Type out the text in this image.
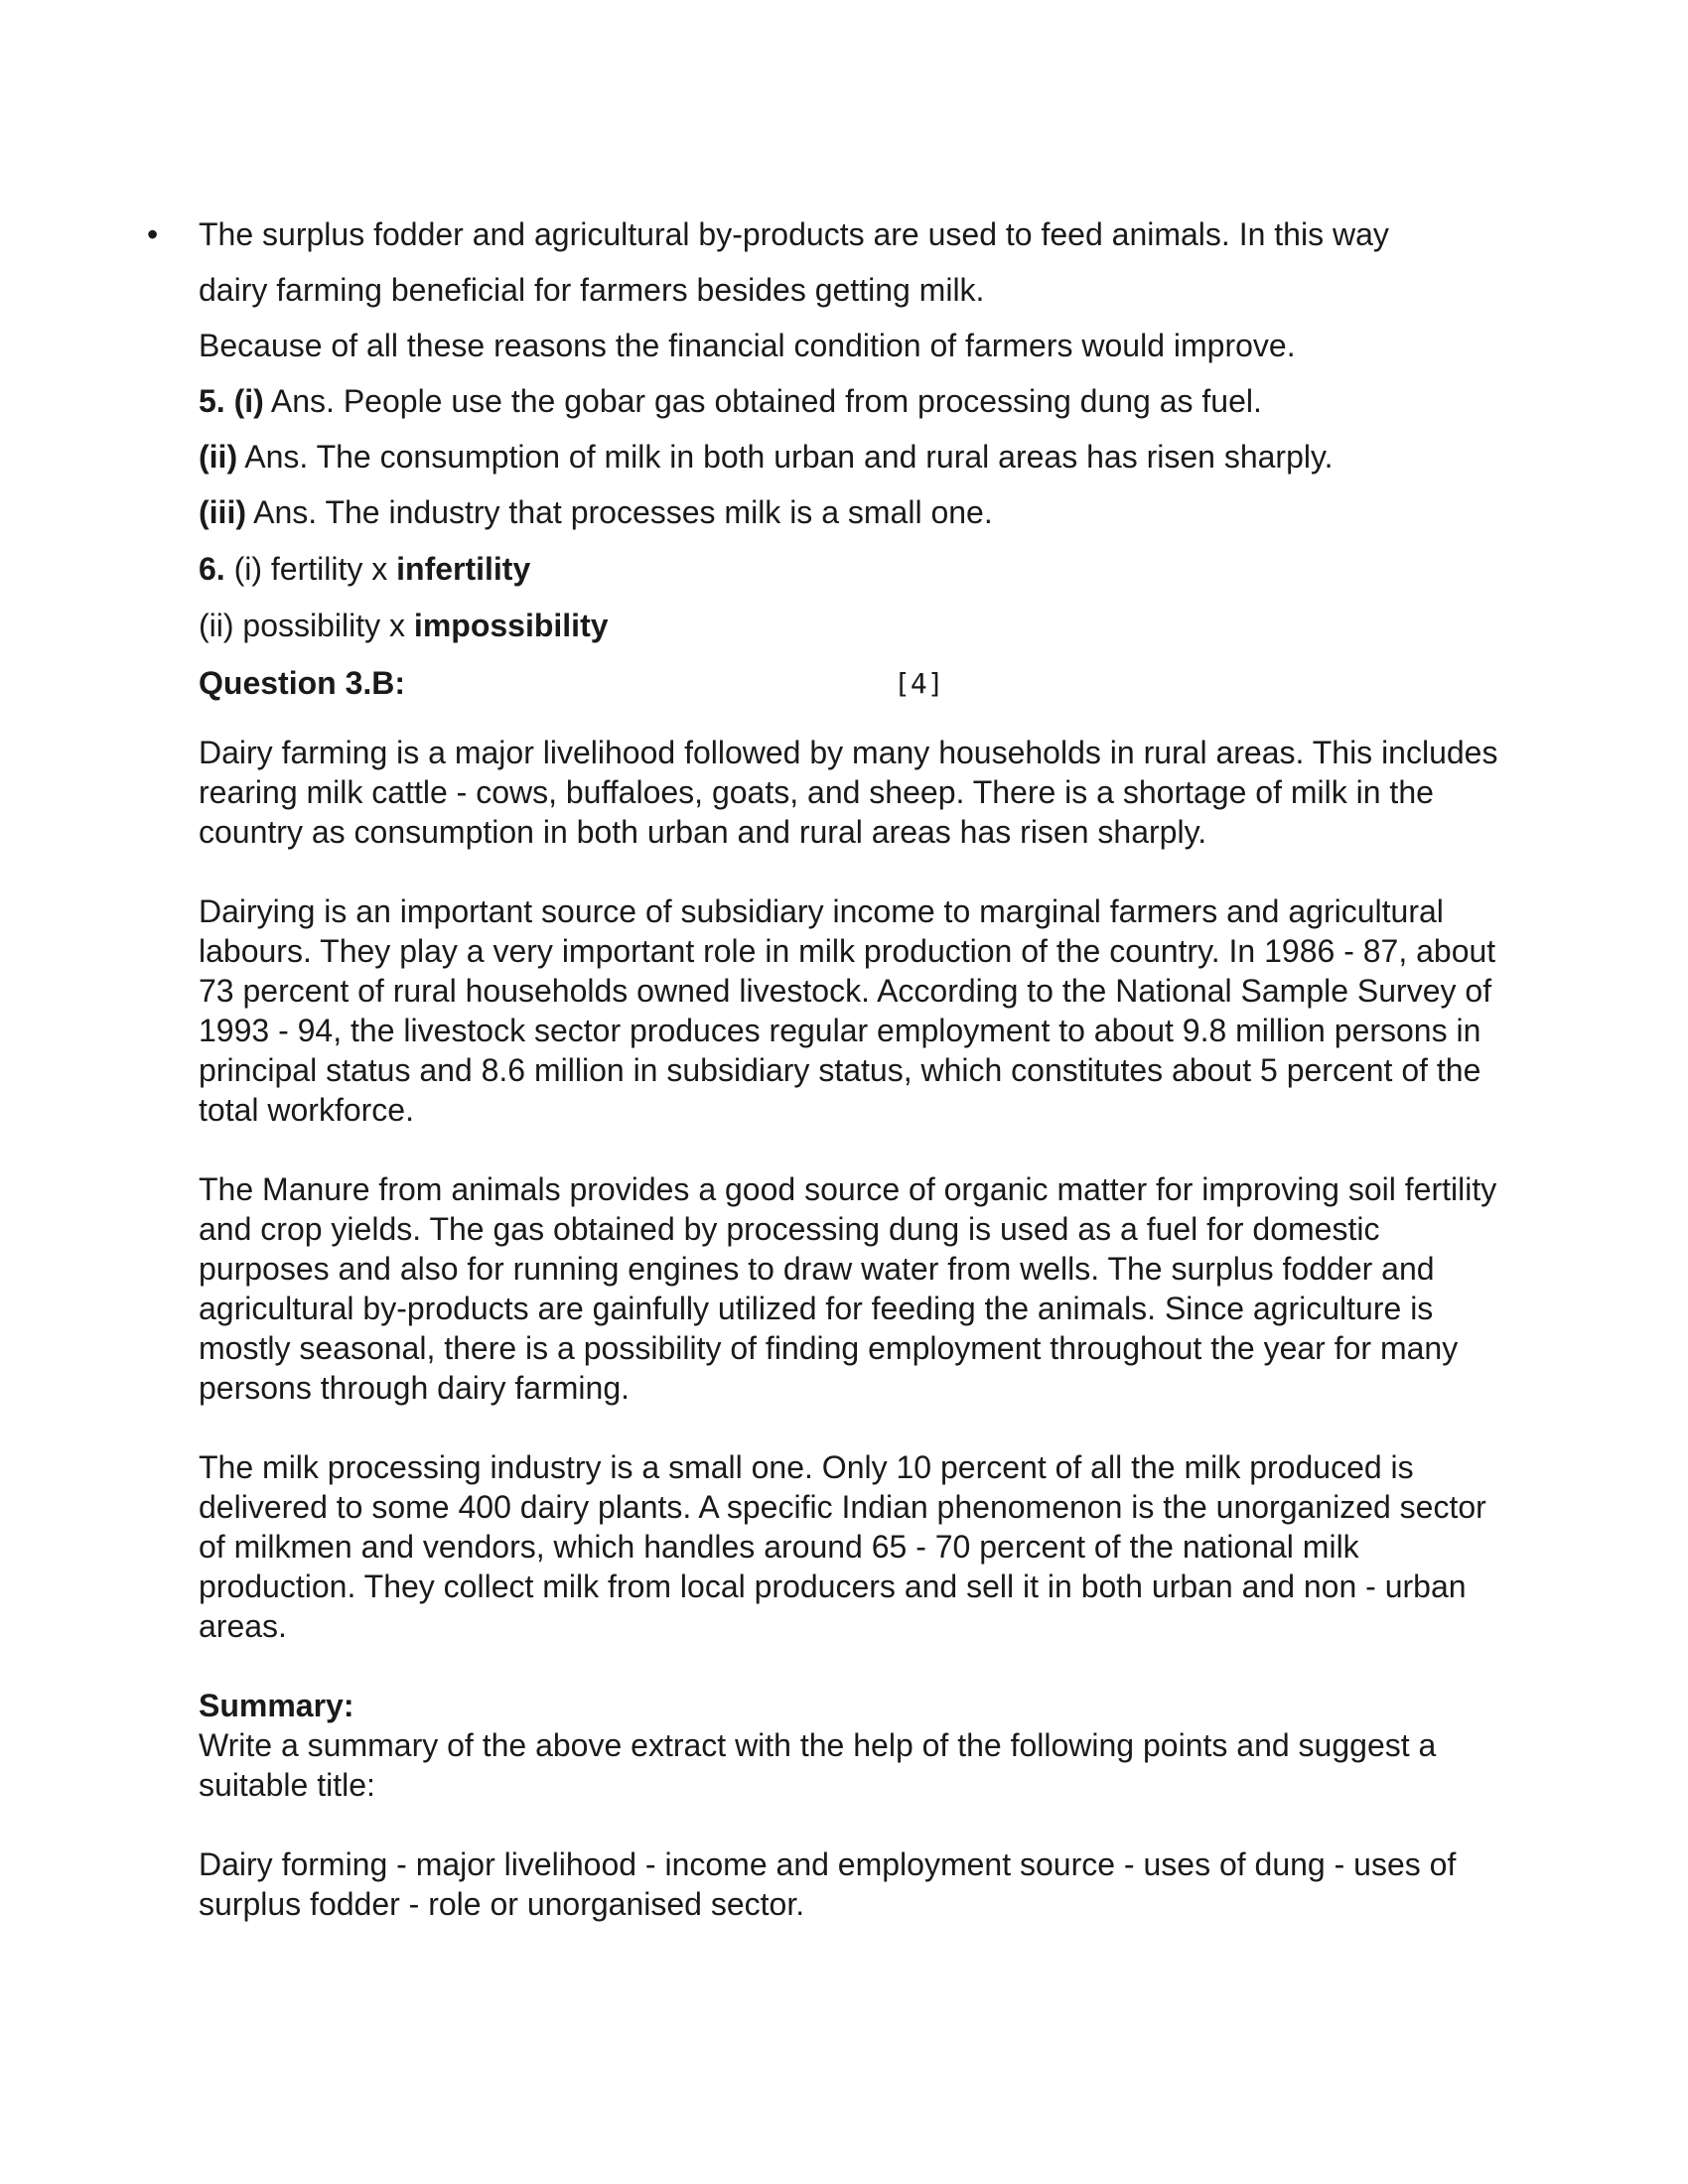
• The surplus fodder and agricultural by-products are used to feed animals. In this way
dairy farming beneficial for farmers besides getting milk.
Because of all these reasons the financial condition of farmers would improve.
5. (i) Ans. People use the gobar gas obtained from processing dung as fuel.
(ii) Ans. The consumption of milk in both urban and rural areas has risen sharply.
(iii) Ans. The industry that processes milk is a small one.
6. (i) fertility x infertility
(ii) possibility x impossibility
Question 3.B:	[4]
Dairy farming is a major livelihood followed by many households in rural areas. This includes rearing milk cattle - cows, buffaloes, goats, and sheep. There is a shortage of milk in the country as consumption in both urban and rural areas has risen sharply.
Dairying is an important source of subsidiary income to marginal farmers and agricultural labours. They play a very important role in milk production of the country. In 1986 - 87, about 73 percent of rural households owned livestock. According to the National Sample Survey of 1993 - 94, the livestock sector produces regular employment to about 9.8 million persons in principal status and 8.6 million in subsidiary status, which constitutes about 5 percent of the total workforce.
The Manure from animals provides a good source of organic matter for improving soil fertility and crop yields. The gas obtained by processing dung is used as a fuel for domestic purposes and also for running engines to draw water from wells. The surplus fodder and agricultural by-products are gainfully utilized for feeding the animals. Since agriculture is mostly seasonal, there is a possibility of finding employment throughout the year for many persons through dairy farming.
The milk processing industry is a small one. Only 10 percent of all the milk produced is delivered to some 400 dairy plants. A specific Indian phenomenon is the unorganized sector of milkmen and vendors, which handles around 65 - 70 percent of the national milk production. They collect milk from local producers and sell it in both urban and non - urban areas.
Summary:
Write a summary of the above extract with the help of the following points and suggest a suitable title:
Dairy forming - major livelihood - income and employment source - uses of dung - uses of surplus fodder - role or unorganised sector.
